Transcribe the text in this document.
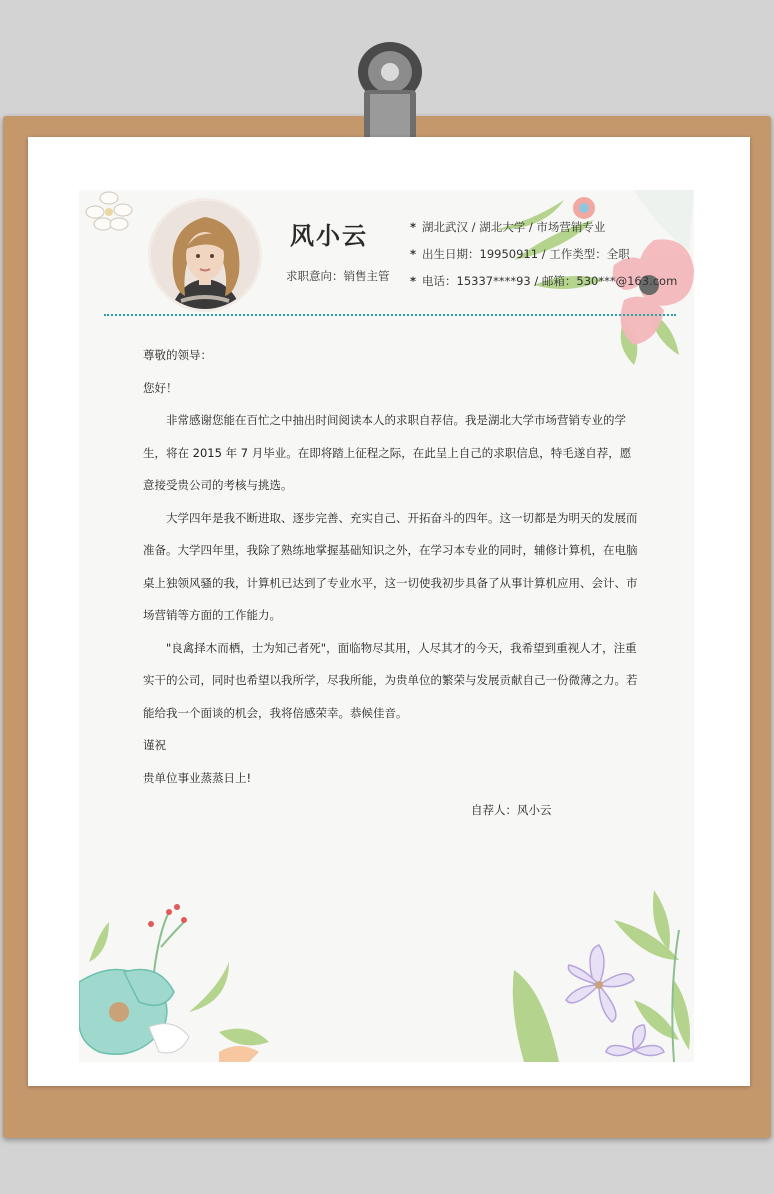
风小云
求职意向：销售主管
* 湖北武汉 / 湖北大学 / 市场营销专业
* 出生日期：19950911 / 工作类型：全职
* 电话：15337****93 / 邮箱：530***@163.com

尊敬的领导：

您好！

非常感谢您能在百忙之中抽出时间阅读本人的求职自荐信。我是湖北大学市场营销专业的学生，将在 2015 年 7 月毕业。在即将踏上征程之际，在此呈上自己的求职信息，特毛遂自荐，愿意接受贵公司的考核与挑选。

大学四年是我不断进取、逐步完善、充实自己、开拓奋斗的四年。这一切都是为明天的发展而准备。大学四年里，我除了熟练地掌握基础知识之外，在学习本专业的同时，辅修计算机，在电脑桌上独领风骚的我，计算机已达到了专业水平，这一切使我初步具备了从事计算机应用、会计、市场营销等方面的工作能力。

"良禽择木而栖，士为知己者死"，面临物尽其用，人尽其才的今天，我希望到重视人才，注重实干的公司，同时也希望以我所学，尽我所能，为贵单位的繁荣与发展贡献自己一份微薄之力。若能给我一个面谈的机会，我将倍感荣幸。恭候佳音。

谨祝

贵单位事业蒸蒸日上!

自荐人：风小云
